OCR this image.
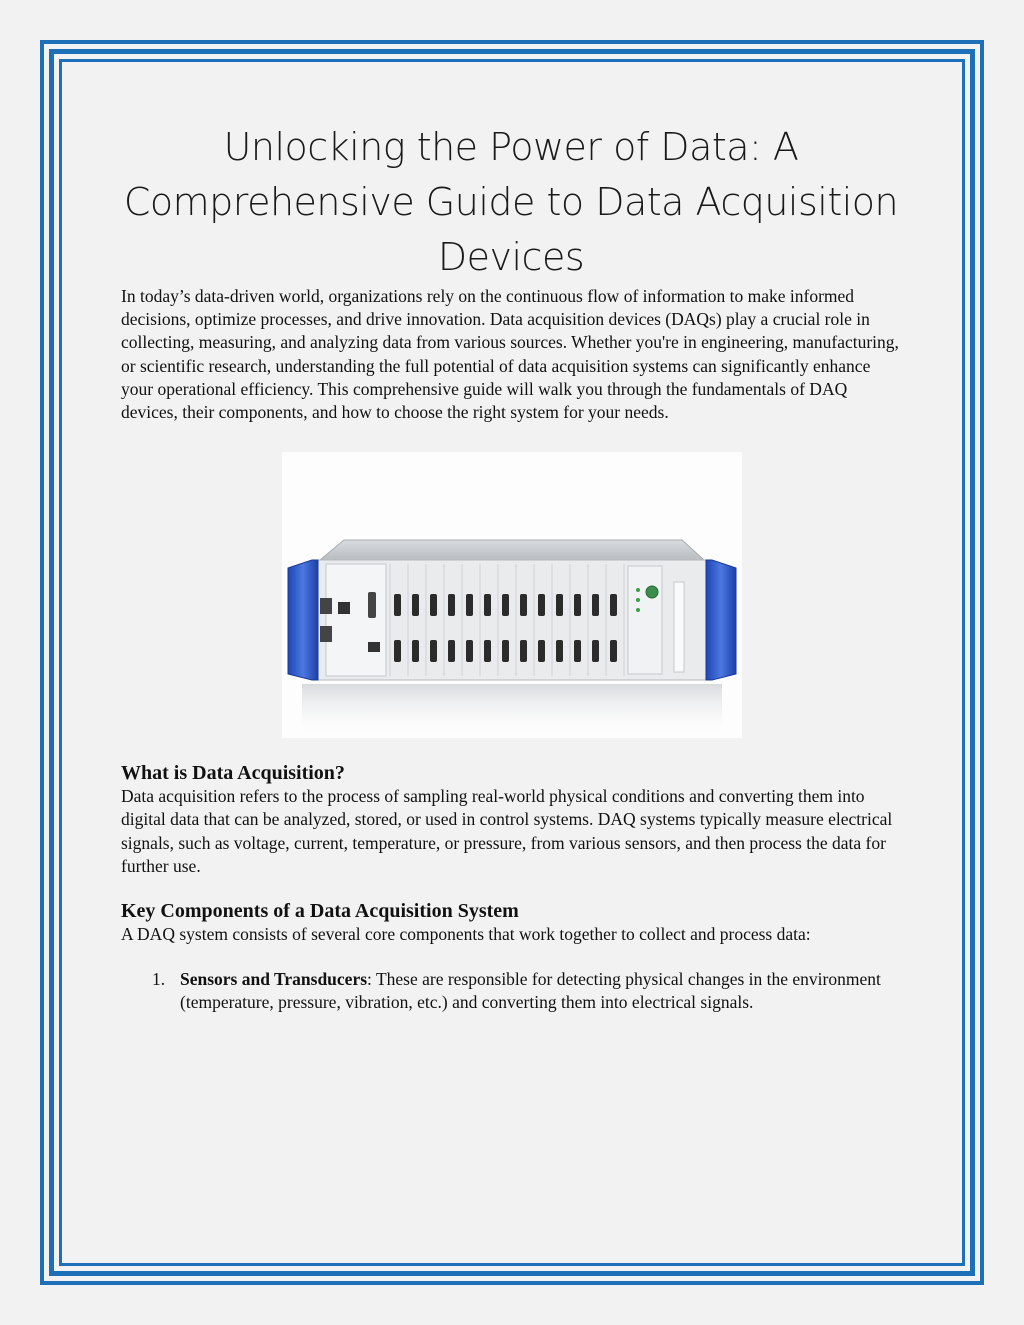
Unlocking the Power of Data: A
Comprehensive Guide to Data Acquisition
Devices

In today’s data-driven world, organizations rely on the continuous flow of information to make informed decisions, optimize processes, and drive innovation. Data acquisition devices (DAQs) play a crucial role in collecting, measuring, and analyzing data from various sources. Whether you're in engineering, manufacturing, or scientific research, understanding the full potential of data acquisition systems can significantly enhance your operational efficiency. This comprehensive guide will walk you through the fundamentals of DAQ devices, their components, and how to choose the right system for your needs.

What is Data Acquisition?

Data acquisition refers to the process of sampling real-world physical conditions and converting them into digital data that can be analyzed, stored, or used in control systems. DAQ systems typically measure electrical signals, such as voltage, current, temperature, or pressure, from various sensors, and then process the data for further use.

Key Components of a Data Acquisition System

A DAQ system consists of several core components that work together to collect and process data:

1. Sensors and Transducers: These are responsible for detecting physical changes in the environment (temperature, pressure, vibration, etc.) and converting them into electrical signals.
